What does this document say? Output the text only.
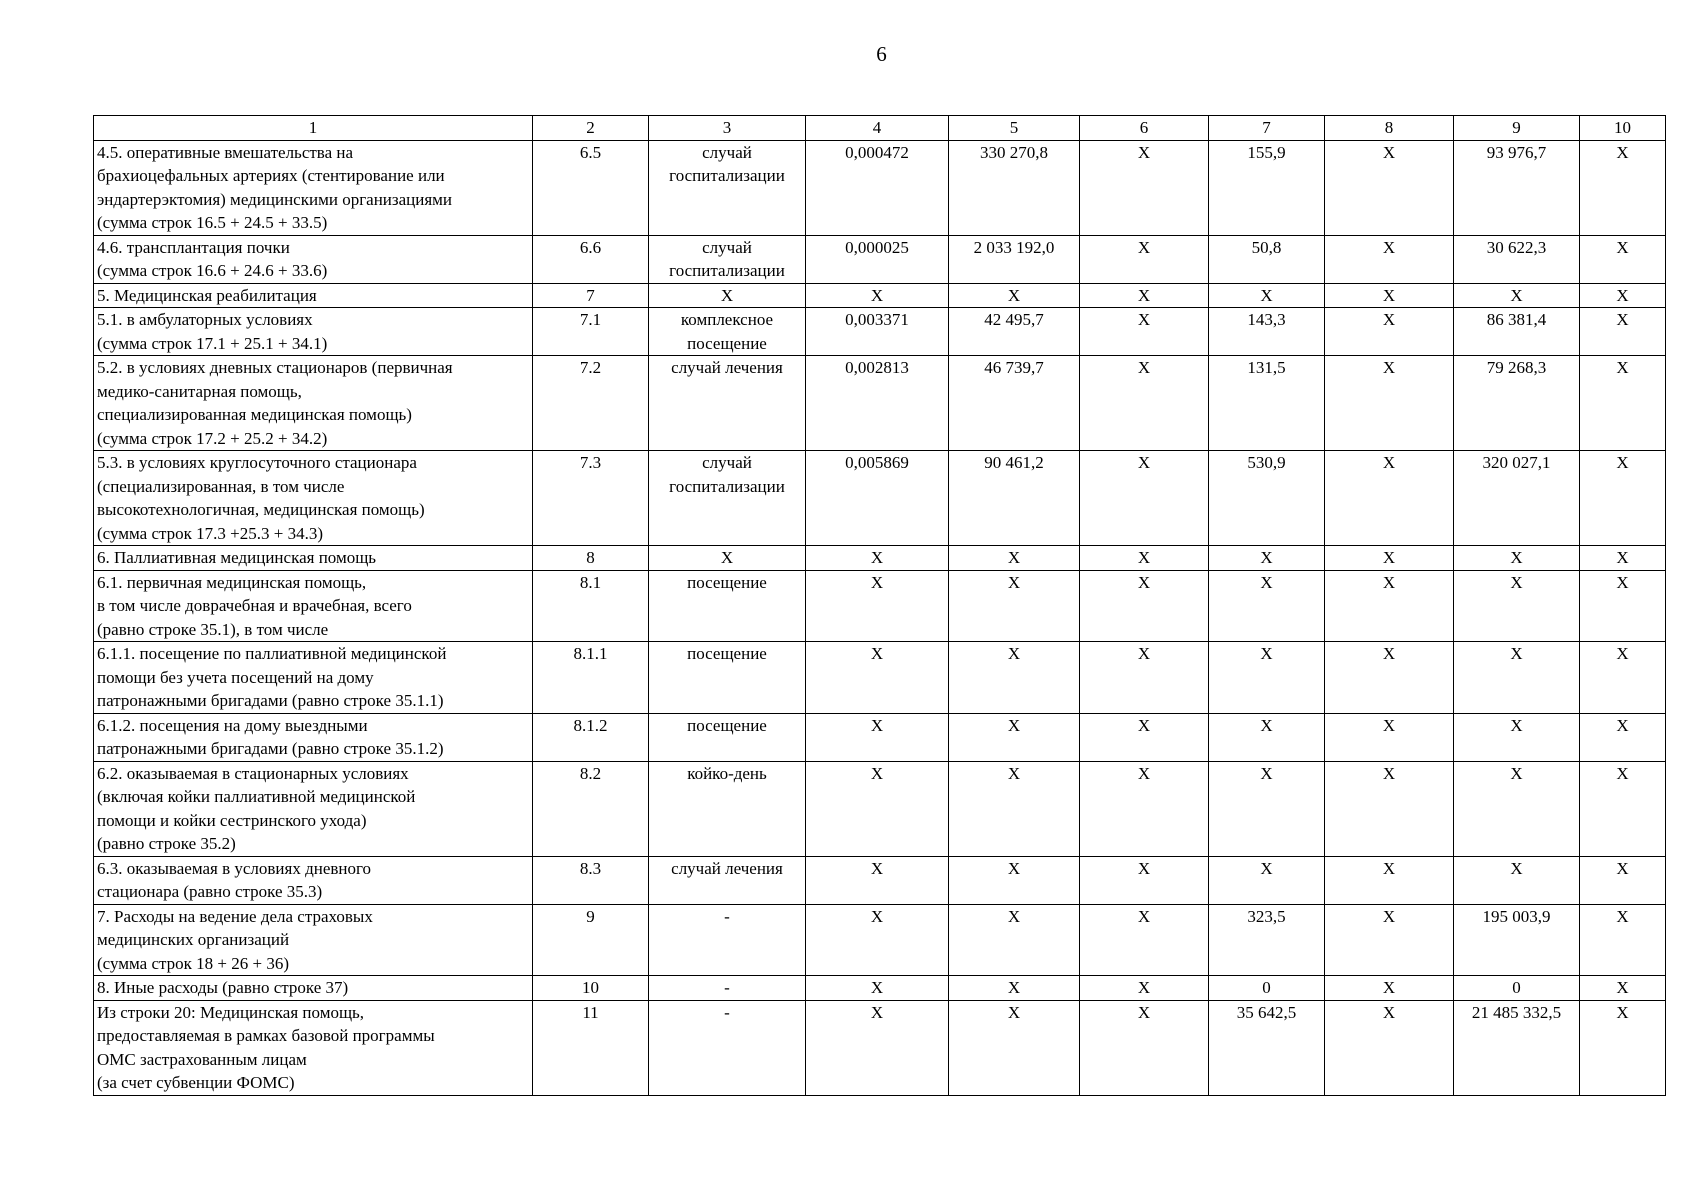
6
1	2	3	4	5	6	7	8	9	10

4.5. оперативные вмешательства на
брахиоцефальных артериях (стентирование или
эндартерэктомия) медицинскими организациями
(сумма строк 16.5 + 24.5 + 33.5)	6.5	случай госпитализации	0,000472	330 270,8	X	155,9	X	93 976,7	X

4.6. трансплантация почки
(сумма строк 16.6 + 24.6 + 33.6)	6.6	случай госпитализации	0,000025	2 033 192,0	X	50,8	X	30 622,3	X

5. Медицинская реабилитация	7	X	X	X	X	X	X	X	X

5.1. в амбулаторных условиях
(сумма строк 17.1 + 25.1 + 34.1)	7.1	комплексное посещение	0,003371	42 495,7	X	143,3	X	86 381,4	X

5.2. в условиях дневных стационаров (первичная
медико-санитарная помощь,
специализированная медицинская помощь)
(сумма строк 17.2 + 25.2 + 34.2)	7.2	случай лечения	0,002813	46 739,7	X	131,5	X	79 268,3	X

5.3. в условиях круглосуточного стационара
(специализированная, в том числе
высокотехнологичная, медицинская помощь)
(сумма строк 17.3 +25.3 + 34.3)	7.3	случай госпитализации	0,005869	90 461,2	X	530,9	X	320 027,1	X

6. Паллиативная медицинская помощь	8	X	X	X	X	X	X	X	X

6.1. первичная медицинская помощь,
в том числе доврачебная и врачебная, всего
(равно строке 35.1), в том числе	8.1	посещение	X	X	X	X	X	X	X

6.1.1. посещение по паллиативной медицинской
помощи без учета посещений на дому
патронажными бригадами (равно строке 35.1.1)	8.1.1	посещение	X	X	X	X	X	X	X

6.1.2. посещения на дому выездными
патронажными бригадами (равно строке 35.1.2)	8.1.2	посещение	X	X	X	X	X	X	X

6.2. оказываемая в стационарных условиях
(включая койки паллиативной медицинской
помощи и койки сестринского ухода)
(равно строке 35.2)	8.2	койко-день	X	X	X	X	X	X	X

6.3. оказываемая в условиях дневного
стационара (равно строке 35.3)	8.3	случай лечения	X	X	X	X	X	X	X

7. Расходы на ведение дела страховых
медицинских организаций
(сумма строк 18 + 26 + 36)	9	-	X	X	X	323,5	X	195 003,9	X

8. Иные расходы (равно строке 37)	10	-	X	X	X	0	X	0	X

Из строки 20: Медицинская помощь,
предоставляемая в рамках базовой программы
ОМС застрахованным лицам
(за счет субвенции ФОМС)	11	-	X	X	X	35 642,5	X	21 485 332,5	X
